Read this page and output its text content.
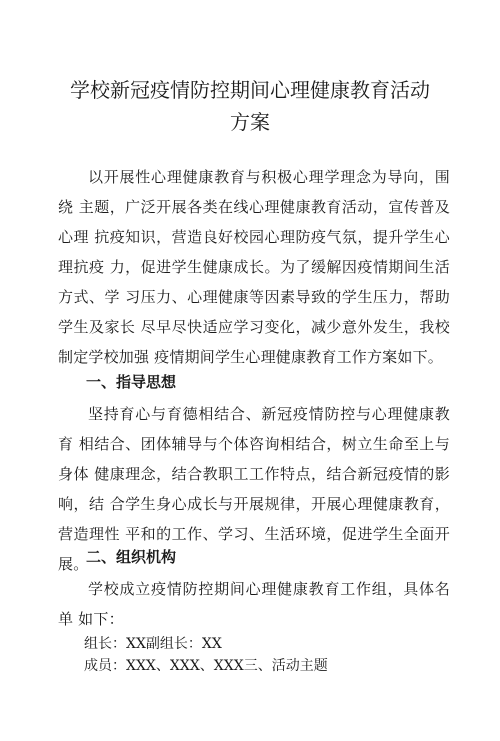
学校新冠疫情防控期间心理健康教育活动
方案

以开展性心理健康教育与积极心理学理念为导向，围绕 主题，广泛开展各类在线心理健康教育活动，宣传普及心理 抗疫知识，营造良好校园心理防疫气氛，提升学生心理抗疫 力，促进学生健康成长。为了缓解因疫情期间生活方式、学 习压力、心理健康等因素导致的学生压力，帮助学生及家长 尽早尽快适应学习变化，减少意外发生，我校制定学校加强 疫情期间学生心理健康教育工作方案如下。

一、指导思想

坚持育心与育德相结合、新冠疫情防控与心理健康教育 相结合、团体辅导与个体咨询相结合，树立生命至上与身体 健康理念，结合教职工工作特点，结合新冠疫情的影响，结 合学生身心成长与开展规律，开展心理健康教育，营造理性 平和的工作、学习、生活环境，促进学生全面开展。

二、组织机构

学校成立疫情防控期间心理健康教育工作组，具体名单 如下：

组长：XX副组长：XX

成员：XXX、XXX、XXX三、活动主题
